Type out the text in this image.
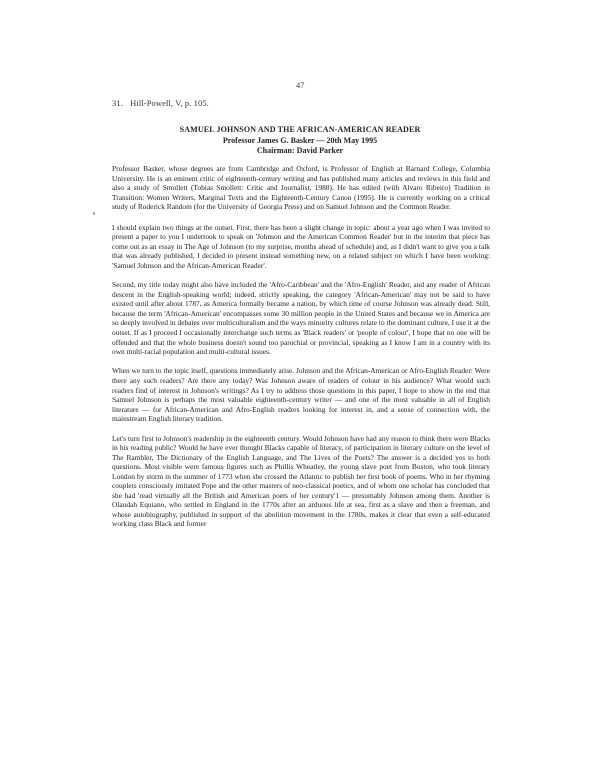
47
31. Hill-Powell, V, p. 105.
SAMUEL JOHNSON AND THE AFRICAN-AMERICAN READER
Professor James G. Basker — 20th May 1995
Chairman: David Parker

Professor Basker, whose degrees are from Cambridge and Oxford, is Professor of English at Barnard College, Columbia University. He is an eminent critic of eighteenth-century writing and has published many articles and reviews in this field and also a study of Smollett (Tobias Smollett: Critic and Journalist, 1988). He has edited (with Alvaro Ribeiro) Tradition in Transition: Women Writers, Marginal Texts and the Eighteenth-Century Canon (1995). He is currently working on a critical study of Roderick Random (for the University of Georgia Press) and on Samuel Johnson and the Common Reader.

I should explain two things at the outset. First, there has been a slight change in topic: about a year ago when I was invited to present a paper to you I undertook to speak on 'Johnson and the American Common Reader' but in the interim that piece has come out as an essay in The Age of Johnson (to my surprise, months ahead of schedule) and, as I didn't want to give you a talk that was already published, I decided to present instead something new, on a related subject on which I have been working: 'Samuel Johnson and the African-American Reader'.

Second, my title today might also have included the 'Afro-Caribbean' and the 'Afro-English' Reader, and any reader of African descent in the English-speaking world; indeed, strictly speaking, the category 'African-American' may not be said to have existed until after about 1787, as America formally became a nation, by which time of course Johnson was already dead. Still, because the term 'African-American' encompasses some 30 million people in the United States and because we in America are so deeply involved in debates over multiculturalism and the ways minority cultures relate to the dominant culture, I use it at the outset. If as I proceed I occasionally interchange such terms as 'Black readers' or 'people of colour', I hope that no one will be offended and that the whole business doesn't sound too parochial or provincial, speaking as I know I am in a country with its own multi-racial population and multi-cultural issues.

When we turn to the topic itself, questions immediately arise. Johnson and the African-American or Afro-English Reader: Were there any such readers? Are there any today? Was Johnson aware of readers of colour in his audience? What would such readers find of interest in Johnson's writings? As I try to address those questions in this paper, I hope to show in the end that Samuel Johnson is perhaps the most valuable eighteenth-century writer — and one of the most valuable in all of English literature — for African-American and Afro-English readers looking for interest in, and a sense of connection with, the mainstream English literary tradition.

Let's turn first to Johnson's readership in the eighteenth century. Would Johnson have had any reason to think there were Blacks in his reading public? Would he have ever thought Blacks capable of literacy, of participation in literary culture on the level of The Rambler, The Dictionary of the English Language, and The Lives of the Poets? The answer is a decided yes to both questions. Most visible were famous figures such as Phillis Wheatley, the young slave poet from Boston, who took literary London by storm in the summer of 1773 when she crossed the Atlantic to publish her first book of poems. Who in her rhyming couplets consciously imitated Pope and the other masters of neo-classical poetics, and of whom one scholar has concluded that she had 'read virtually all the British and American poets of her century'1 — presumably Johnson among them. Another is Olaudah Equiano, who settled in England in the 1770s after an arduous life at sea, first as a slave and then a freeman, and whose autobiography, published in support of the abolition movement in the 1780s, makes it clear that even a self-educated working class Black and former
